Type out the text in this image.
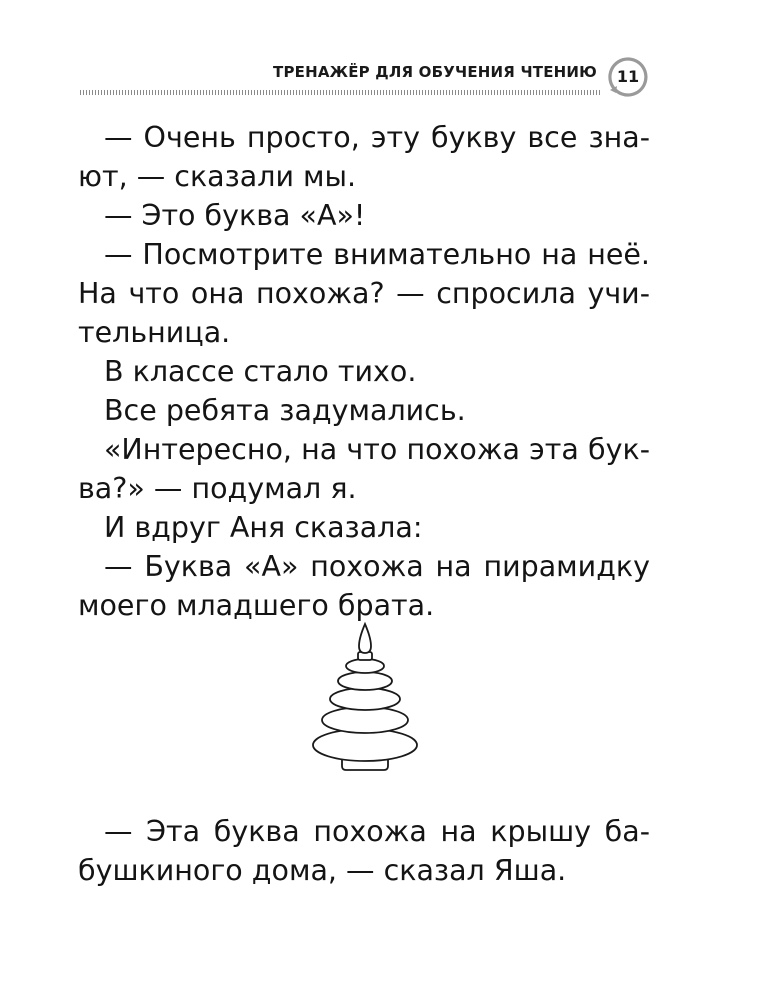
ТРЕНАЖЁР ДЛЯ ОБУЧЕНИЯ ЧТЕНИЮ	11
— Очень просто, эту букву все зна-
ют, — сказали мы.
— Это буква «А»!
— Посмотрите внимательно на неё.
На что она похожа? — спросила учи-
тельница.
В классе стало тихо.
Все ребята задумались.
«Интересно, на что похожа эта бук-
ва?» — подумал я.
И вдруг Аня сказала:
— Буква «А» похожа на пирамидку
моего младшего брата.
— Эта буква похожа на крышу ба-
бушкиного дома, — сказал Яша.
